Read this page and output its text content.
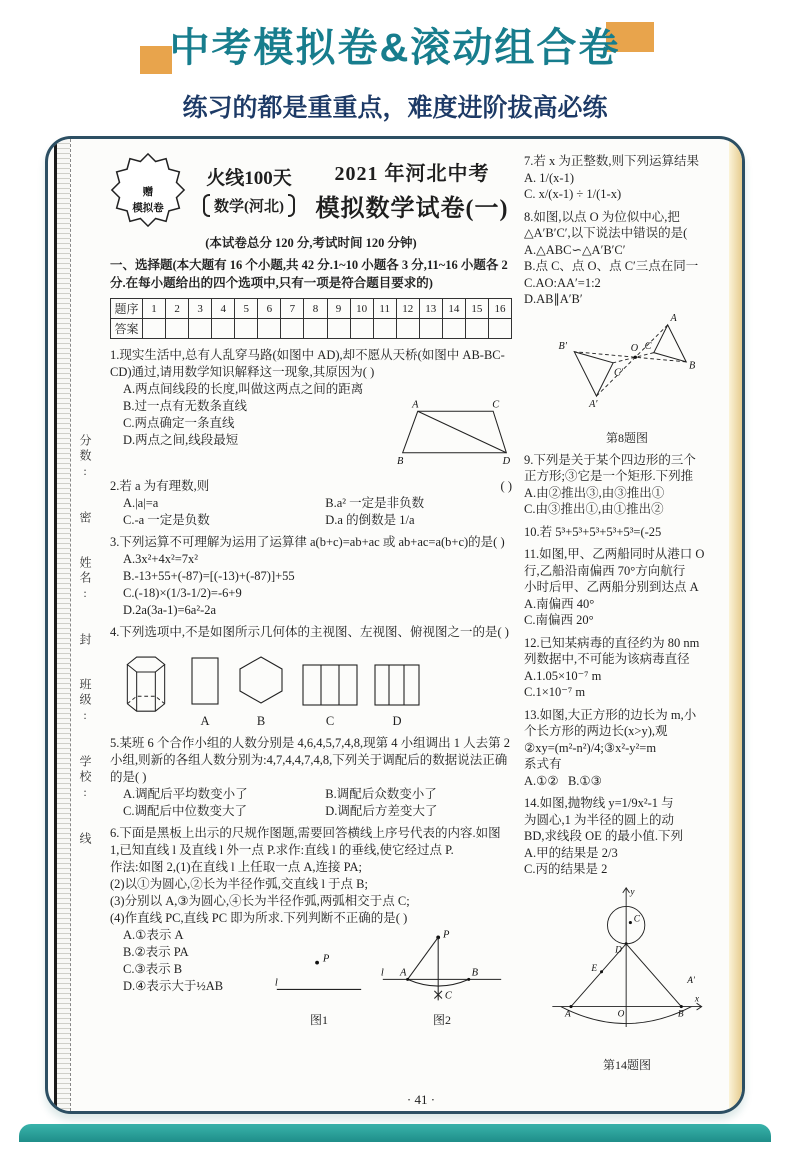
中考模拟卷&滚动组合卷
练习的都是重重点，难度进阶拔高必练
分数:
密
姓名:
封
班级:
学校:
线
赠
模拟卷
火线100天
数学(河北)
2021 年河北中考
模拟数学试卷(一)
(本试卷总分 120 分,考试时间 120 分钟)
一、选择题(本大题有 16 个小题,共 42 分.1~10 小题各 3 分,11~16 小题各 2 分.在每小题给出的四个选项中,只有一项是符合题目要求的)
题序	1	2	3	4	5	6	7	8	9	10	11	12	13	14	15	16
答案																
1.现实生活中,总有人乱穿马路(如图中 AD),却不愿从天桥(如图中 AB-BC-CD)通过,请用数学知识解释这一现象,其原因为( )
A.两点间线段的长度,叫做这两点之间的距离
A	C
B	D
B.过一点有无数条直线
C.两点确定一条直线
D.两点之间,线段最短
2.若 a 为有理数,则	( )
A.|a|=a	B.a² 一定是非负数
C.-a 一定是负数	D.a 的倒数是 1/a
3.下列运算不可理解为运用了运算律 a(b+c)=ab+ac 或 ab+ac=a(b+c)的是( )
A.3x²+4x²=7x²
B.-13+55+(-87)=[(-13)+(-87)]+55
C.(-18)×(1/3-1/2)=-6+9
D.2a(3a-1)=6a²-2a
4.下列选项中,不是如图所示几何体的主视图、左视图、俯视图之一的是( )
A	B	C	D
5.某班 6 个合作小组的人数分别是 4,6,4,5,7,4,8,现第 4 小组调出 1 人去第 2 小组,则新的各组人数分别为:4,7,4,4,7,4,8,下列关于调配后的数据说法正确的是( )
A.调配后平均数变小了	B.调配后众数变小了
C.调配后中位数变大了	D.调配后方差变大了
6.下面是黑板上出示的尺规作图题,需要回答横线上序号代表的内容.如图 1,已知直线 l 及直线 l 外一点 P.求作:直线 l 的垂线,使它经过点 P.
作法:如图 2,(1)在直线 l 上任取一点 A,连接 PA;
(2)以①为圆心,②长为半径作弧,交直线 l 于点 B;
(3)分别以 A,③为圆心,④长为半径作弧,两弧相交于点 C;
(4)作直线 PC,直线 PC 即为所求.下列判断不正确的是( )
A.①表示 A
B.②表示 PA
C.③表示 B
D.④表示大于½AB
P
l
图1
P
l A	B
C
图2
7.若 x 为正整数,则下列运算结果
A. 1/(x-1)
C. x/(x-1) ÷ 1/(1-x)
8.如图,以点 O 为位似中心,把
△A′B′C′,以下说法中错误的是(
A.△ABC∽△A′B′C′
B.点 C、点 O、点 C′三点在同一
C.AO:AA′=1:2
D.AB∥A′B′
O
A
B
C
A′
B′
C′
第8题图
9.下列是关于某个四边形的三个
正方形;③它是一个矩形.下列推
A.由②推出③,由③推出①
C.由③推出①,由①推出②
10.若 5³+5³+5³+5³+5³=(-25
11.如图,甲、乙两船同时从港口 O
行,乙船沿南偏西 70°方向航行
小时后甲、乙两船分别到达点 A
A.南偏西 40°
C.南偏西 20°
12.已知某病毒的直径约为 80 nm
列数据中,不可能为该病毒直径
A.1.05×10⁻⁷ m
C.1×10⁻⁷ m
13.如图,大正方形的边长为 m,小
个长方形的两边长(x>y),观
②xy=(m²-n²)/4;③x²-y²=m
系式有
A.①②   B.①③
14.如图,抛物线 y=1/9x²-1 与
为圆心,1 为半径的圆上的动
BD,求线段 OE 的最小值.下列
A.甲的结果是 2/3
C.丙的结果是 2
C
D
E
A	O	B
A′
x
y
第14题图
· 41 ·
